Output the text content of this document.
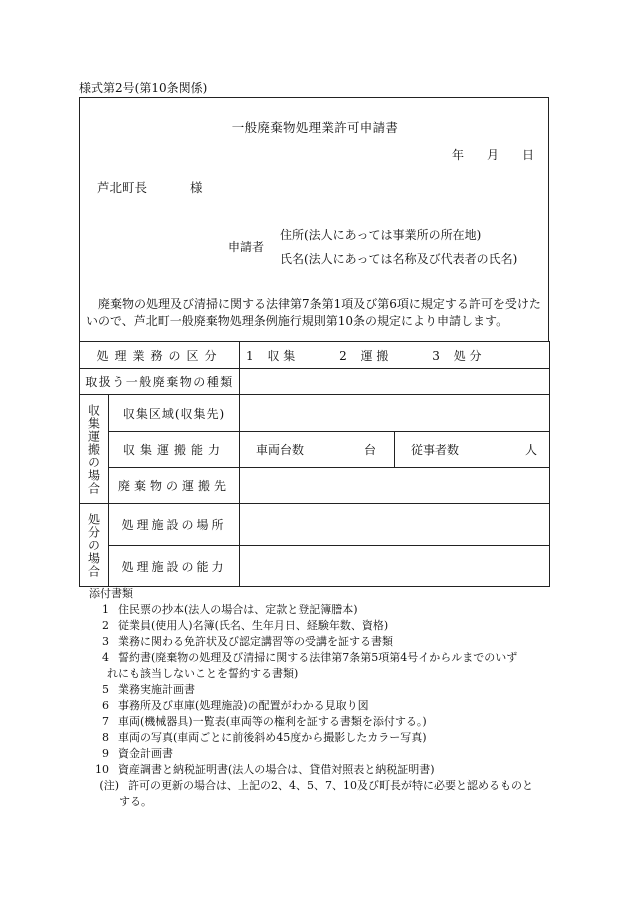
様式第2号(第10条関係)
一般廃棄物処理業許可申請書
年 月 日
芦北町長	様
申請者
住所(法人にあっては事業所の所在地)
氏名(法人にあっては名称及び代表者の氏名)
廃棄物の処理及び清掃に関する法律第7条第1項及び第6項に規定する許可を受けたいので、芦北町一般廃棄物処理条例施行規則第10条の規定により申請します。
処理業務の区分		1 収 集 2 運 搬 3 処 分	
取扱う一般廃棄物の種類			

収集運搬の場合	収集区域(収集先)		
	収集運搬能力	車両台数 台	従事者数 人

	廃棄物の運搬先		

処分の場合	処理施設の場所		
	処理施設の能力		
添付書類
1 住民票の抄本(法人の場合は、定款と登記簿謄本)
2 従業員(使用人)名簿(氏名、生年月日、経験年数、資格)
3 業務に関わる免許状及び認定講習等の受講を証する書類
4 誓約書(廃棄物の処理及び清掃に関する法律第7条第5項第4号イからルまでのいず
れにも該当しないことを誓約する書類)
5 業務実施計画書
6 事務所及び車庫(処理施設)の配置がわかる見取り図
7 車両(機械器具)一覧表(車両等の権利を証する書類を添付する。)
8 車両の写真(車両ごとに前後斜め45度から撮影したカラー写真)
9 資金計画書
10 資産調書と納税証明書(法人の場合は、貸借対照表と納税証明書)
(注) 許可の更新の場合は、上記の2、4、5、7、10及び町長が特に必要と認めるものと
する。
